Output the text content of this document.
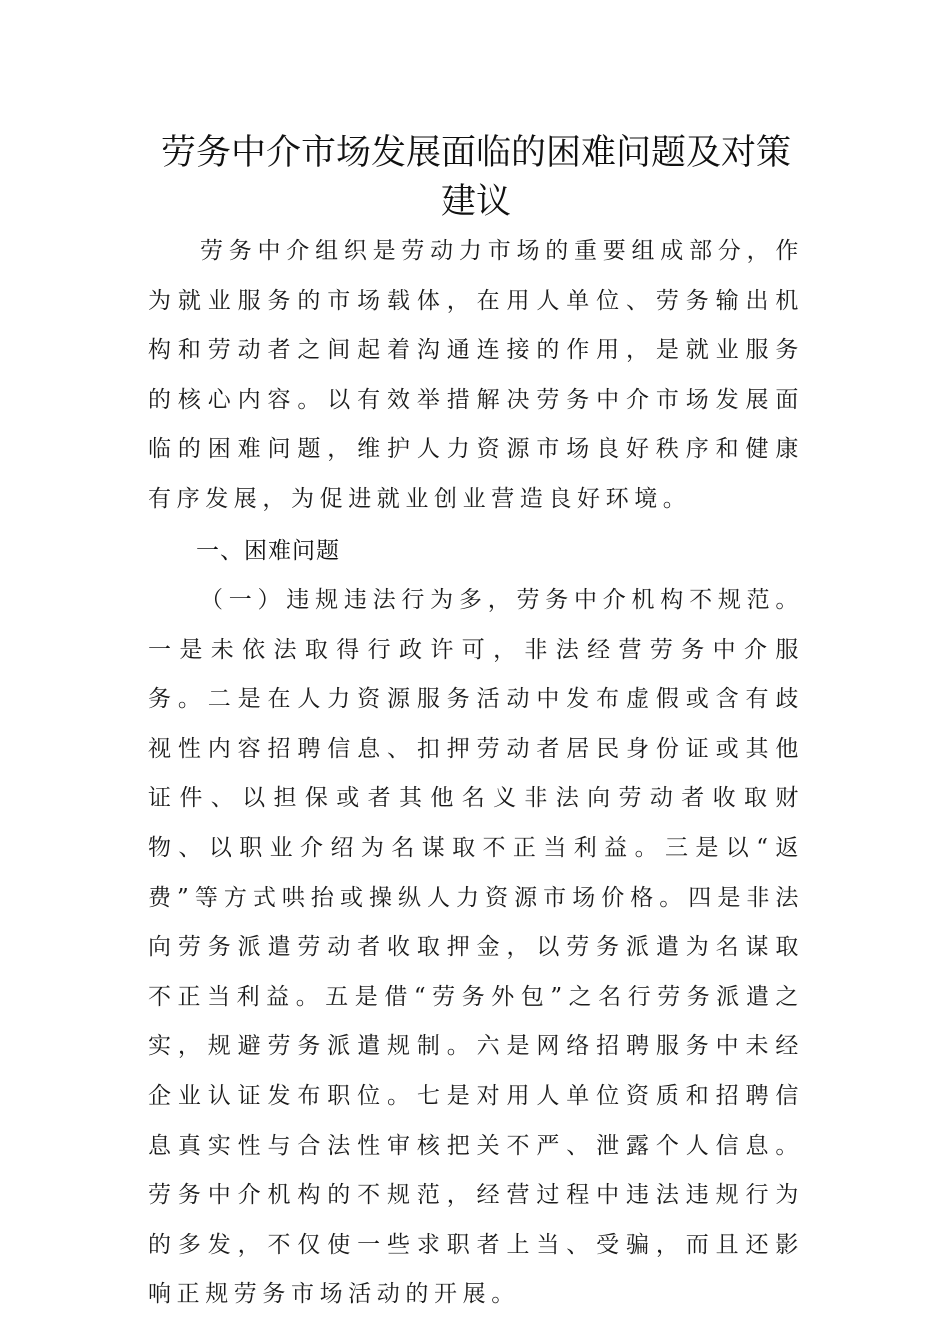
劳务中介市场发展面临的困难问题及对策
建议

劳务中介组织是劳动力市场的重要组成部分，作为就业服务的市场载体，在用人单位、劳务输出机构和劳动者之间起着沟通连接的作用，是就业服务的核心内容。以有效举措解决劳务中介市场发展面临的困难问题，维护人力资源市场良好秩序和健康有序发展，为促进就业创业营造良好环境。

一、困难问题

（一）违规违法行为多，劳务中介机构不规范。一是未依法取得行政许可，非法经营劳务中介服务。二是在人力资源服务活动中发布虚假或含有歧视性内容招聘信息、扣押劳动者居民身份证或其他证件、以担保或者其他名义非法向劳动者收取财物、以职业介绍为名谋取不正当利益。三是以“返费”等方式哄抬或操纵人力资源市场价格。四是非法向劳务派遣劳动者收取押金，以劳务派遣为名谋取不正当利益。五是借“劳务外包”之名行劳务派遣之实，规避劳务派遣规制。六是网络招聘服务中未经企业认证发布职位。七是对用人单位资质和招聘信息真实性与合法性审核把关不严、泄露个人信息。劳务中介机构的不规范，经营过程中违法违规行为的多发，不仅使一些求职者上当、受骗，而且还影响正规劳务市场活动的开展。
